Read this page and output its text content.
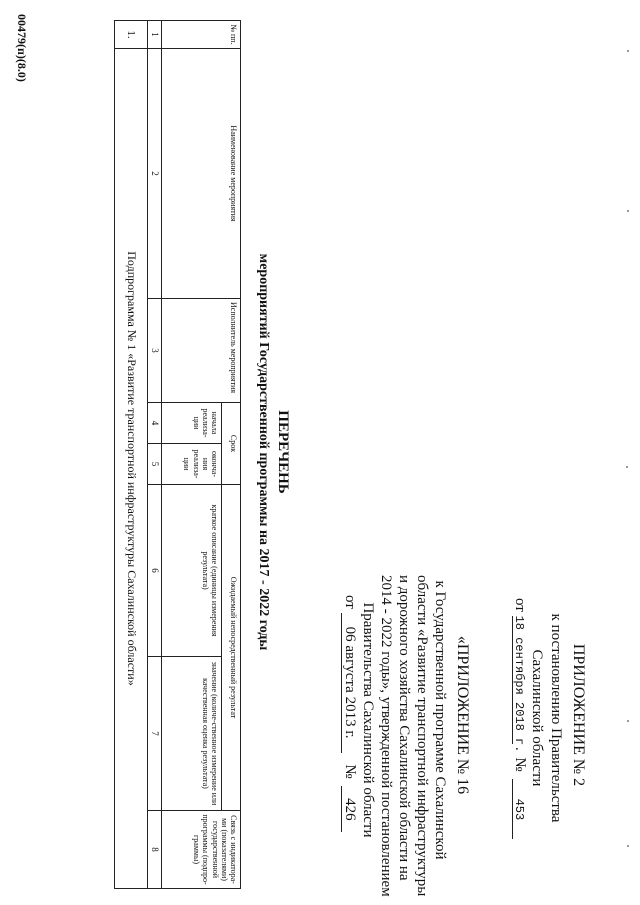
ПРИЛОЖЕНИЕ № 2
к постановлению Правительства
Сахалинской области
от 18 сентября 2018 г. № 453
«ПРИЛОЖЕНИЕ № 16
к Государственной программе Сахалинской
области «Развитие транспортной инфраструктуры
и дорожного хозяйства Сахалинской области на
2014 - 2022 годы», утвержденной постановлением
Правительства Сахалинской области
от 06 августа 2013 г. № 426
ПЕРЕЧЕНЬ
мероприятий Государственной программы на 2017 - 2022 годы
№ пп.	Наименование мероприятия	Исполнитель мероприятия	Срок		Ожидаемый непосредственный результат		Связь с индикатора-ми (показателями) государственной программы (подпро-граммы)
			начала реализа-ции	оконча-ния реализа-ции	краткое описание (единицы измерения результата)	значение (количе-ственное измерение или качественная оценка результата)	
1	2	3	4	5	6	7	8
1.	Подпрограмма № 1 «Развитие транспортной инфраструктуры Сахалинской области»						
00479(п)(8.0)
